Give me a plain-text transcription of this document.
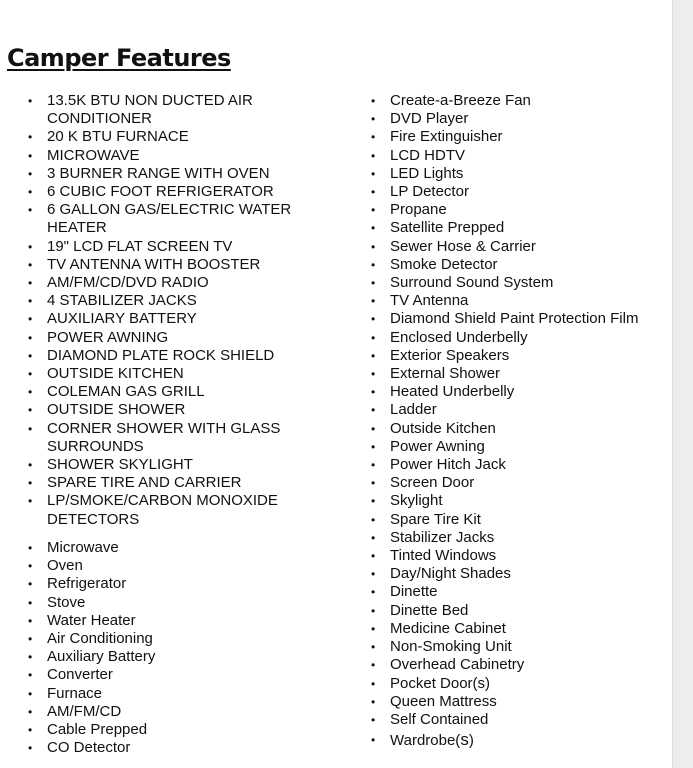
Camper Features
• 13.5K BTU NON DUCTED AIR
CONDITIONER
• 20 K BTU FURNACE
• MICROWAVE
• 3 BURNER RANGE WITH OVEN
• 6 CUBIC FOOT REFRIGERATOR
• 6 GALLON GAS/ELECTRIC WATER
HEATER
• 19" LCD FLAT SCREEN TV
• TV ANTENNA WITH BOOSTER
• AM/FM/CD/DVD RADIO
• 4 STABILIZER JACKS
• AUXILIARY BATTERY
• POWER AWNING
• DIAMOND PLATE ROCK SHIELD
• OUTSIDE KITCHEN
• COLEMAN GAS GRILL
• OUTSIDE SHOWER
• CORNER SHOWER WITH GLASS
SURROUNDS
• SHOWER SKYLIGHT
• SPARE TIRE AND CARRIER
• LP/SMOKE/CARBON MONOXIDE
DETECTORS
• Microwave
• Oven
• Refrigerator
• Stove
• Water Heater
• Air Conditioning
• Auxiliary Battery
• Converter
• Furnace
• AM/FM/CD
• Cable Prepped
• CO Detector
• Create-a-Breeze Fan
• DVD Player
• Fire Extinguisher
• LCD HDTV
• LED Lights
• LP Detector
• Propane
• Satellite Prepped
• Sewer Hose & Carrier
• Smoke Detector
• Surround Sound System
• TV Antenna
• Diamond Shield Paint Protection Film
• Enclosed Underbelly
• Exterior Speakers
• External Shower
• Heated Underbelly
• Ladder
• Outside Kitchen
• Power Awning
• Power Hitch Jack
• Screen Door
• Skylight
• Spare Tire Kit
• Stabilizer Jacks
• Tinted Windows
• Day/Night Shades
• Dinette
• Dinette Bed
• Medicine Cabinet
• Non-Smoking Unit
• Overhead Cabinetry
• Pocket Door(s)
• Queen Mattress
• Self Contained
• Wardrobe(s)
